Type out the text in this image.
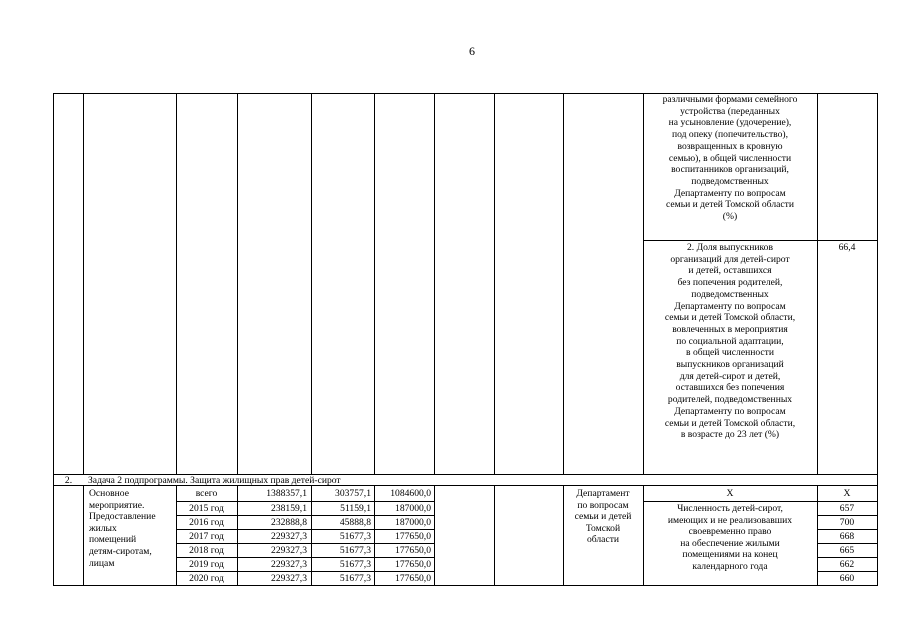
6
различными формами семейного
устройства (переданных
на усыновление (удочерение),
под опеку (попечительство),
возвращенных в кровную
семью), в общей численности
воспитанников организаций,
подведомственных
Департаменту по вопросам
семьи и детей Томской области
(%)
2. Доля выпускников
организаций для детей-сирот
и детей, оставшихся
без попечения родителей,
подведомственных
Департаменту по вопросам
семьи и детей Томской области,
вовлеченных в мероприятия
по социальной адаптации,
в общей численности
выпускников организаций
для детей-сирот и детей,
оставшихся без попечения
родителей, подведомственных
Департаменту по вопросам
семьи и детей Томской области,
в возрасте до 23 лет (%)
66,4
2.	Задача 2 подпрограммы. Защита жилищных прав детей-сирот
Основное
мероприятие.
Предоставление
жилых
помещений
детям-сиротам,
лицам
всего
2015 год
2016 год
2017 год
2018 год
2019 год
2020 год
1388357,1
238159,1
232888,8
229327,3
229327,3
229327,3
229327,3
303757,1
51159,1
45888,8
51677,3
51677,3
51677,3
51677,3
1084600,0
187000,0
187000,0
177650,0
177650,0
177650,0
177650,0
Департамент
по вопросам
семьи и детей
Томской
области
X
Численность детей-сирот,
имеющих и не реализовавших
своевременно право
на обеспечение жилыми
помещениями на конец
календарного года
X
657
700
668
665
662
660
